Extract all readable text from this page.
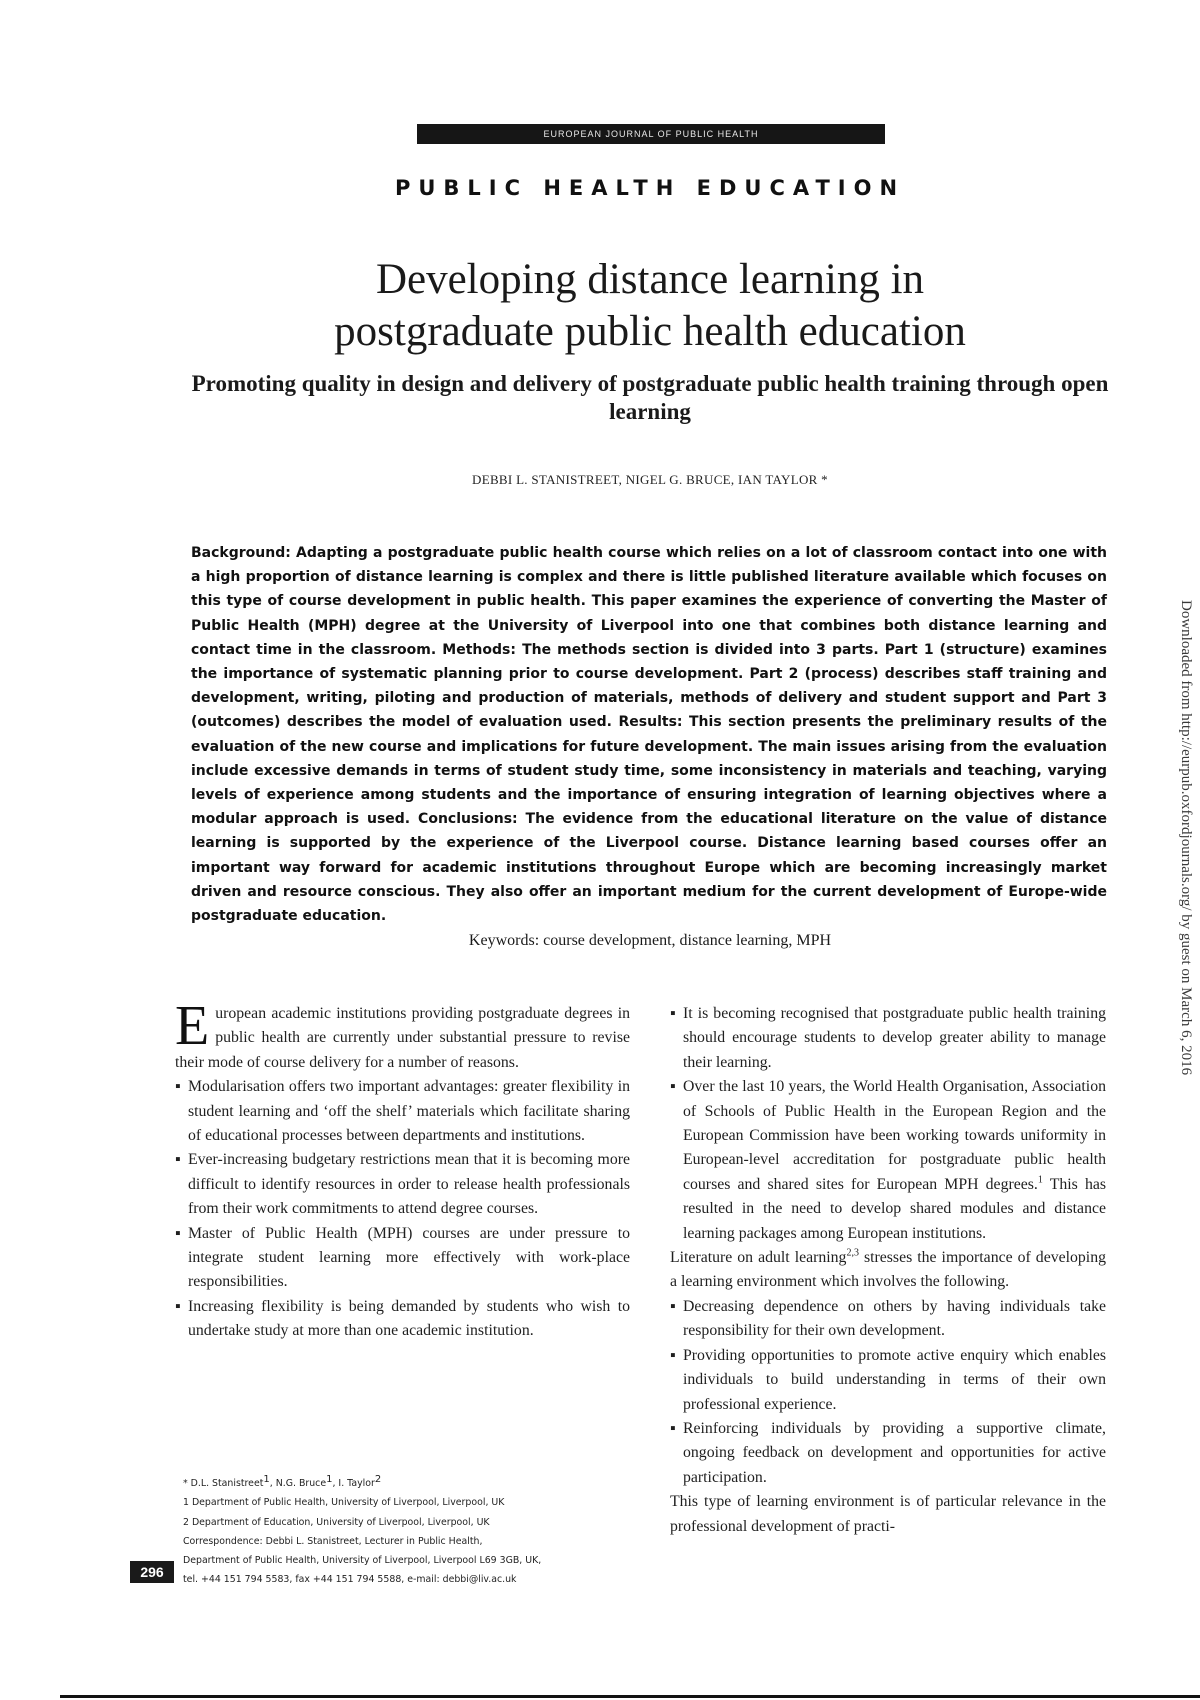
EUROPEAN JOURNAL OF PUBLIC HEALTH
PUBLIC HEALTH EDUCATION
Developing distance learning in
postgraduate public health education
Promoting quality in design and delivery of postgraduate public health training through open learning
DEBBI L. STANISTREET, NIGEL G. BRUCE, IAN TAYLOR *

Background: Adapting a postgraduate public health course which relies on a lot of classroom contact into one with a high proportion of distance learning is complex and there is little published literature available which focuses on this type of course development in public health. This paper examines the experience of converting the Master of Public Health (MPH) degree at the University of Liverpool into one that combines both distance learning and contact time in the classroom. Methods: The methods section is divided into 3 parts. Part 1 (structure) examines the importance of systematic planning prior to course development. Part 2 (process) describes staff training and development, writing, piloting and production of materials, methods of delivery and student support and Part 3 (outcomes) describes the model of evaluation used. Results: This section presents the preliminary results of the evaluation of the new course and implications for future development. The main issues arising from the evaluation include excessive demands in terms of student study time, some inconsistency in materials and teaching, varying levels of experience among students and the importance of ensuring integration of learning objectives where a modular approach is used. Conclusions: The evidence from the educational literature on the value of distance learning is supported by the experience of the Liverpool course. Distance learning based courses offer an important way forward for academic institutions throughout Europe which are becoming increasingly market driven and resource conscious. They also offer an important medium for the current development of Europe-wide postgraduate education.

Keywords: course development, distance learning, MPH

European academic institutions providing postgraduate degrees in public health are currently under substantial pressure to revise their mode of course delivery for a number of reasons.

▪ Modularisation offers two important advantages: greater flexibility in student learning and ‘off the shelf’ materials which facilitate sharing of educational processes between departments and institutions.
▪ Ever-increasing budgetary restrictions mean that it is becoming more difficult to identify resources in order to release health professionals from their work commitments to attend degree courses.
▪ Master of Public Health (MPH) courses are under pressure to integrate student learning more effectively with work-place responsibilities.
▪ Increasing flexibility is being demanded by students who wish to undertake study at more than one academic institution.
▪ It is becoming recognised that postgraduate public health training should encourage students to develop greater ability to manage their learning.
▪ Over the last 10 years, the World Health Organisation, Association of Schools of Public Health in the European Region and the European Commission have been working towards uniformity in European-level accreditation for postgraduate public health courses and shared sites for European MPH degrees.$^1$ This has resulted in the need to develop shared modules and distance learning packages among European institutions.

Literature on adult learning$^{2,3}$ stresses the importance of developing a learning environment which involves the following.

▪ Decreasing dependence on others by having individuals take responsibility for their own development.
▪ Providing opportunities to promote active enquiry which enables individuals to build understanding in terms of their own professional experience.
▪ Reinforcing individuals by providing a supportive climate, ongoing feedback on development and opportunities for active participation.

This type of learning environment is of particular relevance in the professional development of practi-

* D.L. Stanistreet$^1$, N.G. Bruce$^1$, I. Taylor$^2$
1 Department of Public Health, University of Liverpool, Liverpool, UK
2 Department of Education, University of Liverpool, Liverpool, UK
Correspondence: Debbi L. Stanistreet, Lecturer in Public Health,
Department of Public Health, University of Liverpool, Liverpool L69 3GB, UK,
tel. +44 151 794 5583, fax +44 151 794 5588, e-mail: debbi@liv.ac.uk
296
Downloaded from http://eurpub.oxfordjournals.org/ by guest on March 6, 2016
